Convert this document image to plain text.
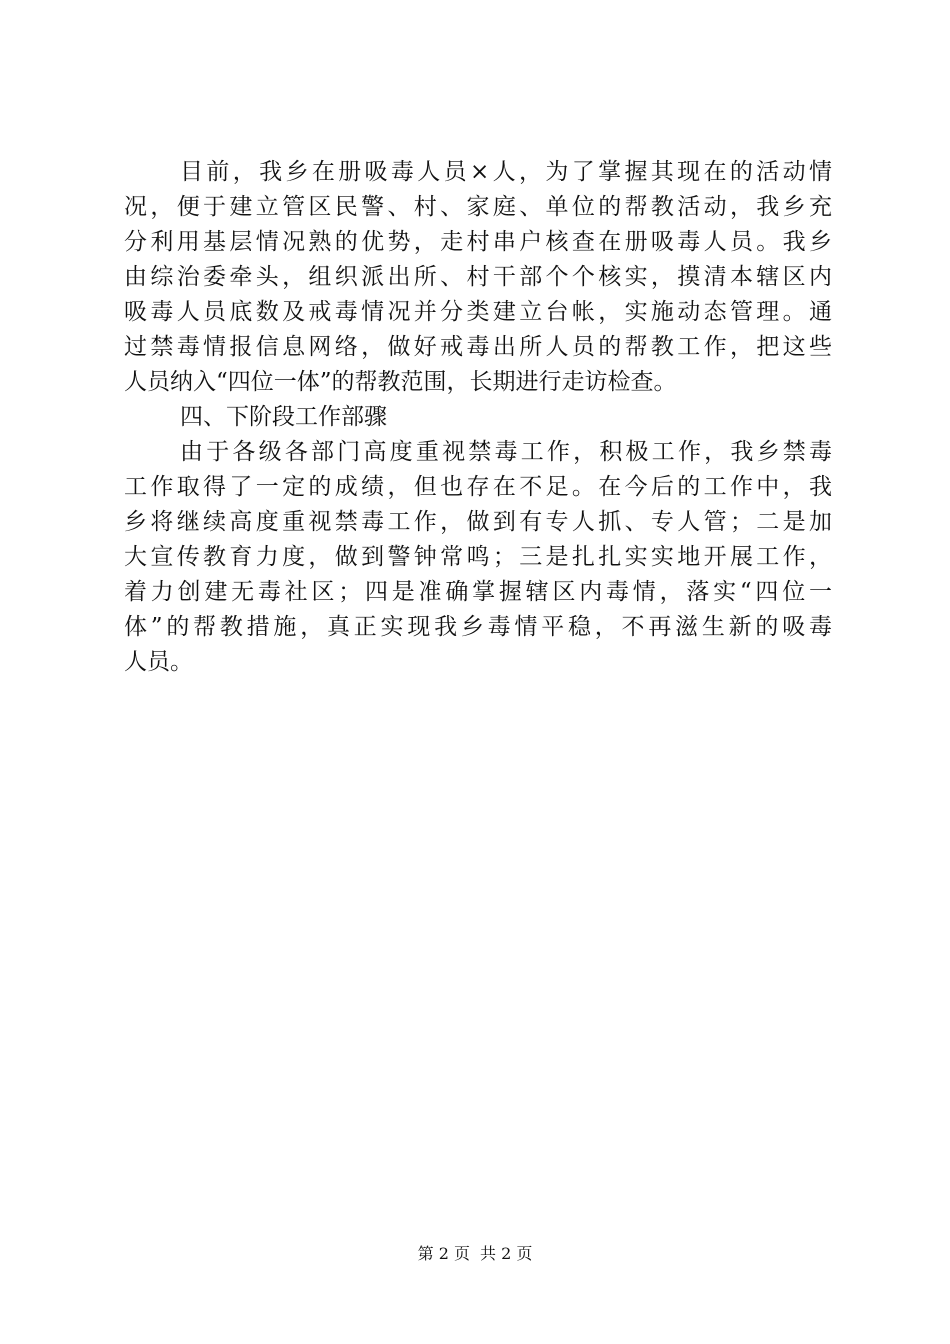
目前，我乡在册吸毒人员×人，为了掌握其现在的活动情
况，便于建立管区民警、村、家庭、单位的帮教活动，我乡充
分利用基层情况熟的优势，走村串户核查在册吸毒人员。我乡
由综治委牵头，组织派出所、村干部个个核实，摸清本辖区内
吸毒人员底数及戒毒情况并分类建立台帐，实施动态管理。通
过禁毒情报信息网络，做好戒毒出所人员的帮教工作，把这些
人员纳入“四位一体”的帮教范围，长期进行走访检查。
四、下阶段工作部骤
由于各级各部门高度重视禁毒工作，积极工作，我乡禁毒
工作取得了一定的成绩，但也存在不足。在今后的工作中，我
乡将继续高度重视禁毒工作，做到有专人抓、专人管；二是加
大宣传教育力度，做到警钟常鸣；三是扎扎实实地开展工作，
着力创建无毒社区；四是准确掌握辖区内毒情，落实“四位一
体”的帮教措施，真正实现我乡毒情平稳，不再滋生新的吸毒
人员。
第 2 页 共 2 页
